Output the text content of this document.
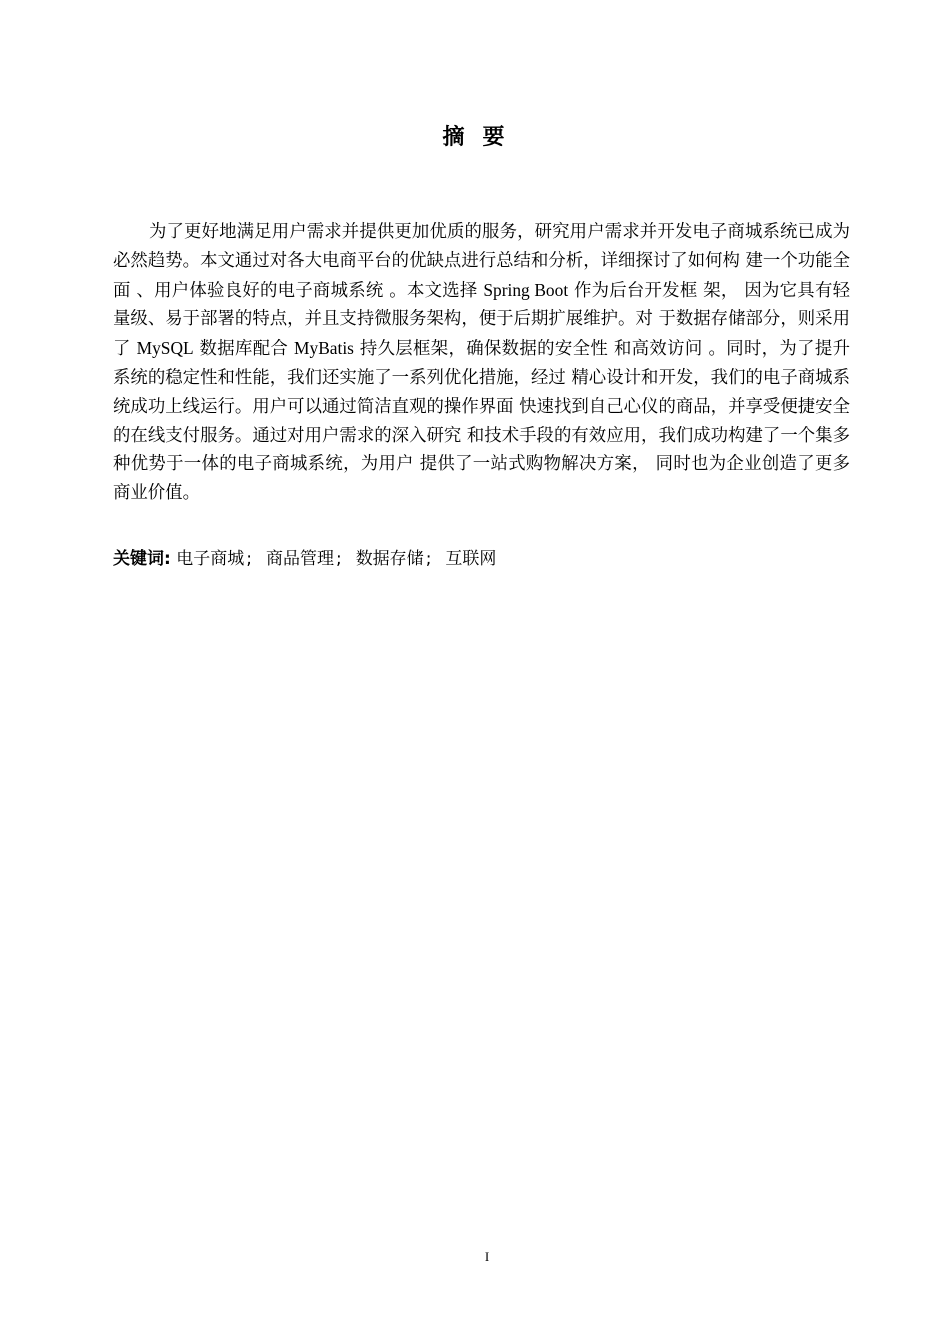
摘要

为了更好地满足用户需求并提供更加优质的服务，研究用户需求并开发电子商城系统已成为必然趋势。本文通过对各大电商平台的优缺点进行总结和分析，详细探讨了如何构 建一个功能全面 、用户体验良好的电子商城系统 。本文选择 Spring Boot 作为后台开发框 架， 因为它具有轻量级、易于部署的特点，并且支持微服务架构，便于后期扩展维护。对 于数据存储部分，则采用了 MySQL 数据库配合 MyBatis 持久层框架，确保数据的安全性 和高效访问 。同时，为了提升系统的稳定性和性能，我们还实施了一系列优化措施，经过 精心设计和开发，我们的电子商城系统成功上线运行。用户可以通过简洁直观的操作界面 快速找到自己心仪的商品，并享受便捷安全的在线支付服务。通过对用户需求的深入研究 和技术手段的有效应用，我们成功构建了一个集多种优势于一体的电子商城系统，为用户 提供了一站式购物解决方案， 同时也为企业创造了更多商业价值。

关键词: 电子商城 ; 商品管理 ; 数据存储 ; 互联网
I
